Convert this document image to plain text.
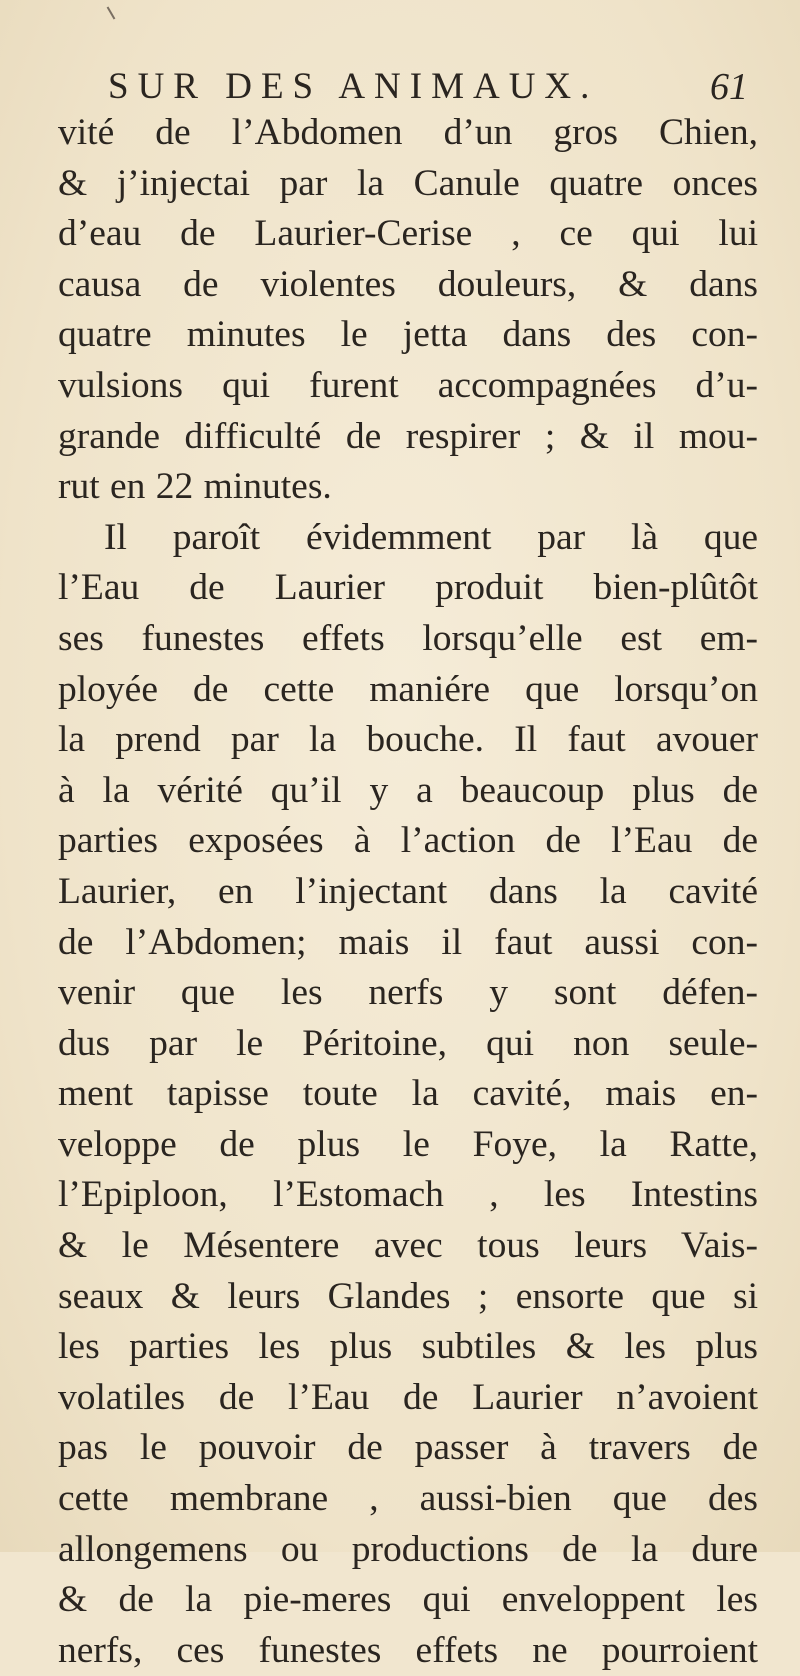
SUR DES ANIMAUX.	61
vité de l’Abdomen d’un gros Chien,
& j’injectai par la Canule quatre onces
d’eau de Laurier-Cerise , ce qui lui
causa de violentes douleurs, & dans
quatre minutes le jetta dans des con-
vulsions qui furent accompagnées d’u-
grande difficulté de respirer ; & il mou-
rut en 22 minutes.
Il paroît évidemment par là que
l’Eau de Laurier produit bien-plûtôt
ses funestes effets lorsqu’elle est em-
ployée de cette maniére que lorsqu’on
la prend par la bouche. Il faut avouer
à la vérité qu’il y a beaucoup plus de
parties exposées à l’action de l’Eau de
Laurier, en l’injectant dans la cavité
de l’Abdomen; mais il faut aussi con-
venir que les nerfs y sont défen-
dus par le Péritoine, qui non seule-
ment tapisse toute la cavité, mais en-
veloppe de plus le Foye, la Ratte,
l’Epiploon, l’Estomach , les Intestins
& le Mésentere avec tous leurs Vais-
seaux & leurs Glandes ; ensorte que si
les parties les plus subtiles & les plus
volatiles de l’Eau de Laurier n’avoient
pas le pouvoir de passer à travers de
cette membrane , aussi-bien que des
allongemens ou productions de la dure
& de la pie-meres qui enveloppent les
nerfs, ces funestes effets ne pourroient
